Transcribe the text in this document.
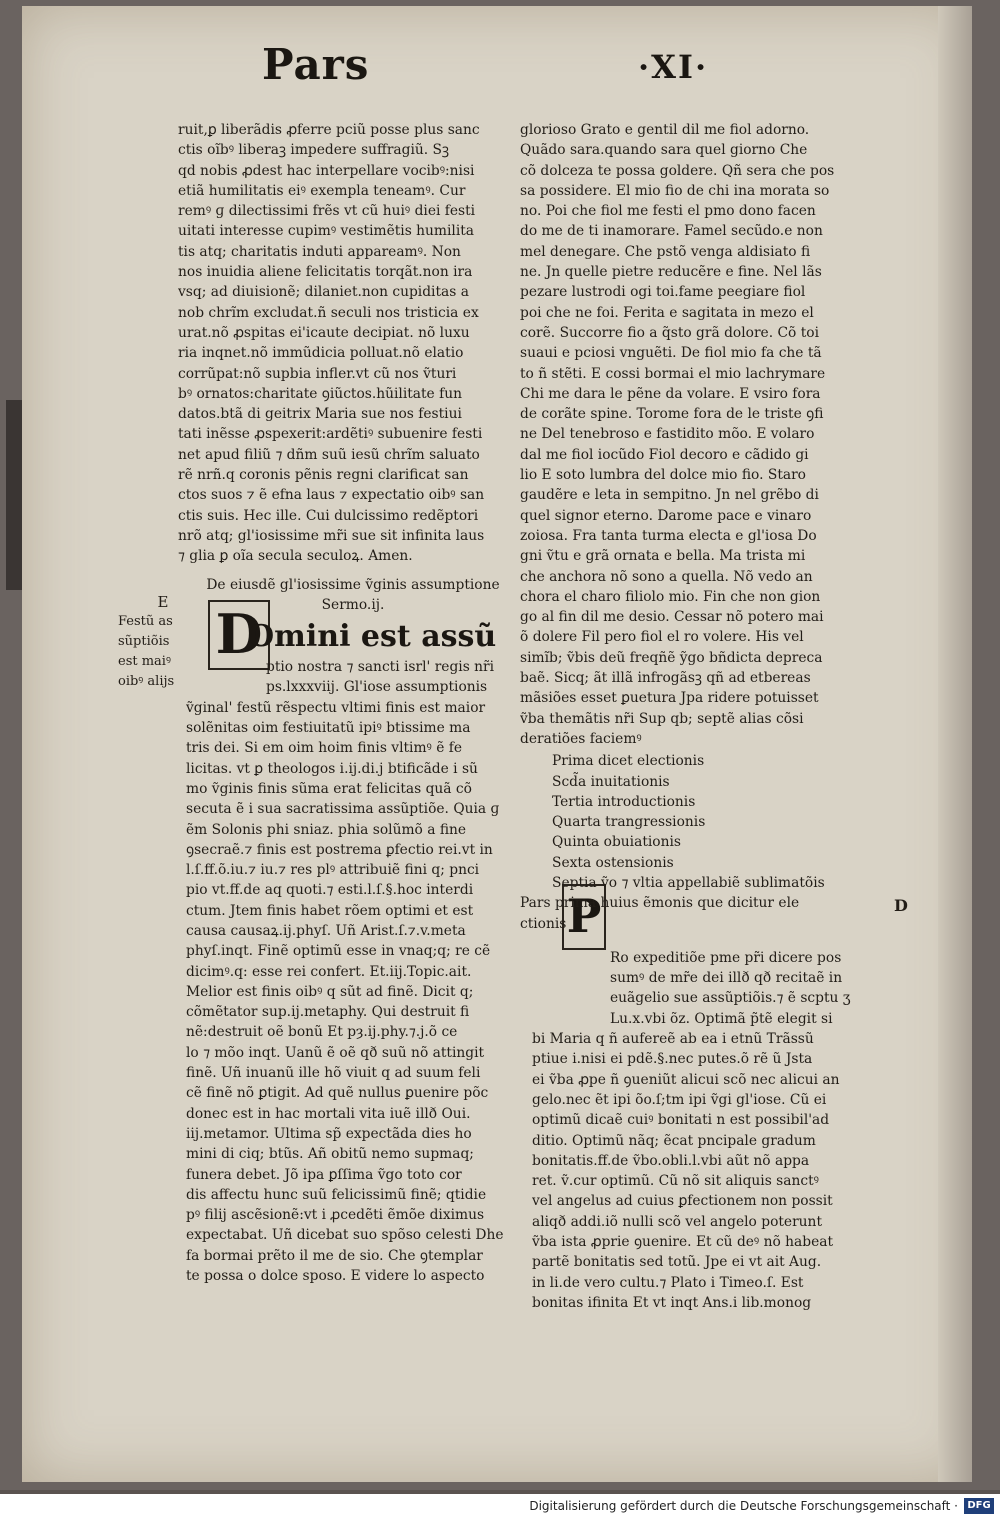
Pars	·XI·
D
P
E
Festũ as
sũptiõis
est maiꝰ
oibꝰ alijs
D
ruit,ꝑ liberãdis ꝓferre pciũ posse plus sanc
ctis oĩbꝰ liberaꝫ impedere suffragiũ. Sꝫ
qd nobis ꝓdest hac interpellare vocibꝰ:nisi
etiã humilitatis eiꝰ exempla teneamꝰ. Cur
remꝰ ɡ dilectissimi frẽs vt cũ huiꝰ diei festi
uitati interesse cupimꝰ vestimẽtis humilita
tis atq; charitatis induti appareamꝰ. Non
nos inuidia aliene felicitatis torqãt.non ira
vsq; ad diuisionẽ; dilaniet.non cupiditas a
nob chrĩm excludat.ñ seculi nos tristicia ex
urat.nõ ꝓspitas ei'icaute decipiat. nõ luxu
ria inqnet.nõ immũdicia polluat.nõ elatio
corrũpat:nõ supbia infler.vt cũ nos ṽturi
bꝰ ornatos:charitate ꝯiũctos.hũilitate fun
datos.btã di geitrix Maria sue nos festiui
tati inẽsse ꝓspexerit:ardẽtiꝰ subuenire festi
net apud filiũ ⁊ dñm suũ iesũ chrĩm saluato
rẽ nrñ.q coronis pẽnis regni clarificat san
ctos suos ⁊ ẽ efna laus ⁊ expectatio oibꝰ san
ctis suis. Hec ille. Cui dulcissimo redẽptori
nrõ atq; gl'iosissime mr̃i sue sit infinita laus
⁊ glia ꝑ oĩa secula seculoꝝ. Amen.
De eiusdẽ gl'iosissime ṽginis assumptione
Sermo.ij.
Omini est assũ
ptio nostra ⁊ sancti isrl' regis nr̃i
ps.lxxxviij. Gl'iose assumptionis
ṽginal' festũ rẽspectu vltimi finis est maior
solẽnitas oim festiuitatũ ipiꝰ btissime ma
tris dei. Si em oim hoim finis vltimꝰ ẽ fe
licitas. vt ꝑ theologos i.ij.di.j btificãde i sũ
mo ṽginis finis sũma erat felicitas quã cõ
secuta ẽ i sua sacratissima assũptiõe. Quia ɡ
ẽm Solonis phi sniaz. phia solũmõ a fine
ꝯsecraẽ.⁊ finis est postrema ꝑfectio rei.vt in
l.ſ.ff.õ.iu.⁊ iu.⁊ res plꝰ attribuiẽ fini q; pnci
pio vt.ff.de aq quoti.⁊ esti.l.ſ.§.hoc interdi
ctum. Jtem finis habet rõem optimi et est
causa causaꝝ.ij.phyſ. Uñ Arist.ſ.⁊.v.meta
phyſ.inqt. Finẽ optimũ esse in vnaq;q; re cẽ
dicimꝰ.q: esse rei confert. Et.iij.Topic.ait.
Melior est finis oibꝰ q sũt ad finẽ. Dicit q;
cõmẽtator sup.ij.metaphy. Qui destruit fi
nẽ:destruit oẽ bonũ Et pȝ.ij.phy.⁊.j.õ ce
lo ⁊ mõo inqt. Uanũ ẽ oẽ qð suũ nõ attingit
finẽ. Uñ inuanũ ille hõ viuit q ad suum feli
cẽ finẽ nõ ꝑtigit. Ad quẽ nullus ꝑuenire põc
donec est in hac mortali vita iuẽ illð Oui.
iij.metamor. Ultima sp̃ expectãda dies ho
mini di ciq; btũs. Añ obitũ nemo supmaq;
funera debet. Jõ ipa ꝑſſima ṽgo toto cor
dis affectu hunc suũ felicissimũ finẽ; qtidie
pꝰ filij ascẽsionẽ:vt i ꝓcedẽti ẽmõe diximus
expectabat. Uñ dicebat suo spõso celesti Dhe
fa bormai prẽto il me de sio. Che ꝯtemplar
te possa o dolce sposo. E videre lo aspecto
glorioso Grato e gentil dil me fiol adorno.
Quãdo sara.quando sara quel giorno Che
cõ dolceza te possa goldere. Qñ sera che pos
sa possidere. El mio fio de chi ina morata so
no. Poi che fiol me festi el pmo dono facen
do me de ti inamorare. Famel secũdo.e non
mel denegare. Che pstõ venga aldisiato fi
ne. Jn quelle pietre reducẽre e fine. Nel lãs
pezare lustrodi ogi toi.fame peegiare fiol
poi che ne foi. Ferita e sagitata in mezo el
corẽ. Succorre fio a q̃sto grã dolore. Cõ toi
suaui e pciosi vnguẽti. De fiol mio fa che tã
to ñ stẽti. E cossi bormai el mio lachrymare
Chi me dara le pẽne da volare. E vsiro fora
de corãte spine. Torome fora de le triste ꝯfi
ne Del tenebroso e fastidito mõo. E volaro
dal me fiol iocũdo Fiol decoro e cãdido gi
lio E soto lumbra del dolce mio fio. Staro
gaudẽre e leta in sempitno. Jn nel grẽbo di
quel signor eterno. Darome pace e vinaro
zoiosa. Fra tanta turma electa e gl'iosa Do
gni ṽtu e grã ornata e bella. Ma trista mi
che anchora nõ sono a quella. Nõ vedo an
chora el charo filiolo mio. Fin che non gion
go al fin dil me desio. Cessar nõ potero mai
õ dolere Fil pero fiol el ro volere. His vel
simĩb; ṽbis deũ freqñẽ ỹgo bñdicta depreca
baẽ. Sicq; ãt illã infrogãsꝫ qñ ad etbereas
mãsiões esset ꝑuetura Jpa ridere potuisset
ṽba themãtis nr̃i Sup qb; septẽ alias cõsi
deratiões faciemꝰ
Prima dicet electionis
Scd̃a inuitationis
Tertia introductionis
Quarta trangressionis
Quinta obuiationis
Sexta ostensionis
Septia ṽo ⁊ vltia appellabiẽ sublimatõis
Pars prima huius ẽmonis que dicitur ele
ctionis
Ro expeditiõe pme pr̃i dicere pos
sumꝰ de mr̃e dei illð qð recitaẽ in
euãgelio sue assũptiõis.⁊ ẽ scptu ʒ
Lu.x.vbi õz. Optimã p̃tẽ elegit si
bi Maria q ñ aufereẽ ab ea i etnũ Trãssũ
ptiue i.nisi ei pdẽ.§.nec putes.õ rẽ ũ Jsta
ei ṽba ꝓpe ñ ꝯueniũt alicui scõ nec alicui an
gelo.nec ẽt ipi õo.ſ;tm ipi ṽgi gl'iose. Cũ ei
optimũ dicaẽ cuiꝰ bonitati n est possibil'ad
ditio. Optimũ nãq; ẽcat pncipale gradum
bonitatis.ff.de ṽbo.obli.l.vbi aũt nõ appa
ret. ṽ.cur optimũ. Cũ nõ sit aliquis sanctꝰ
vel angelus ad cuius ꝑfectionem non possit
aliqð addi.iõ nulli scõ vel angelo poterunt
ṽba ista ꝓprie ꝯuenire. Et cũ deꝰ nõ habeat
partẽ bonitatis sed totũ. Jpe ei vt ait Aug.
in li.de vero cultu.⁊ Plato i Timeo.ſ. Est
bonitas ifinita Et vt inqt Ans.i lib.monog
Digitalisierung gefördert durch die Deutsche Forschungsgemeinschaft · DFG
